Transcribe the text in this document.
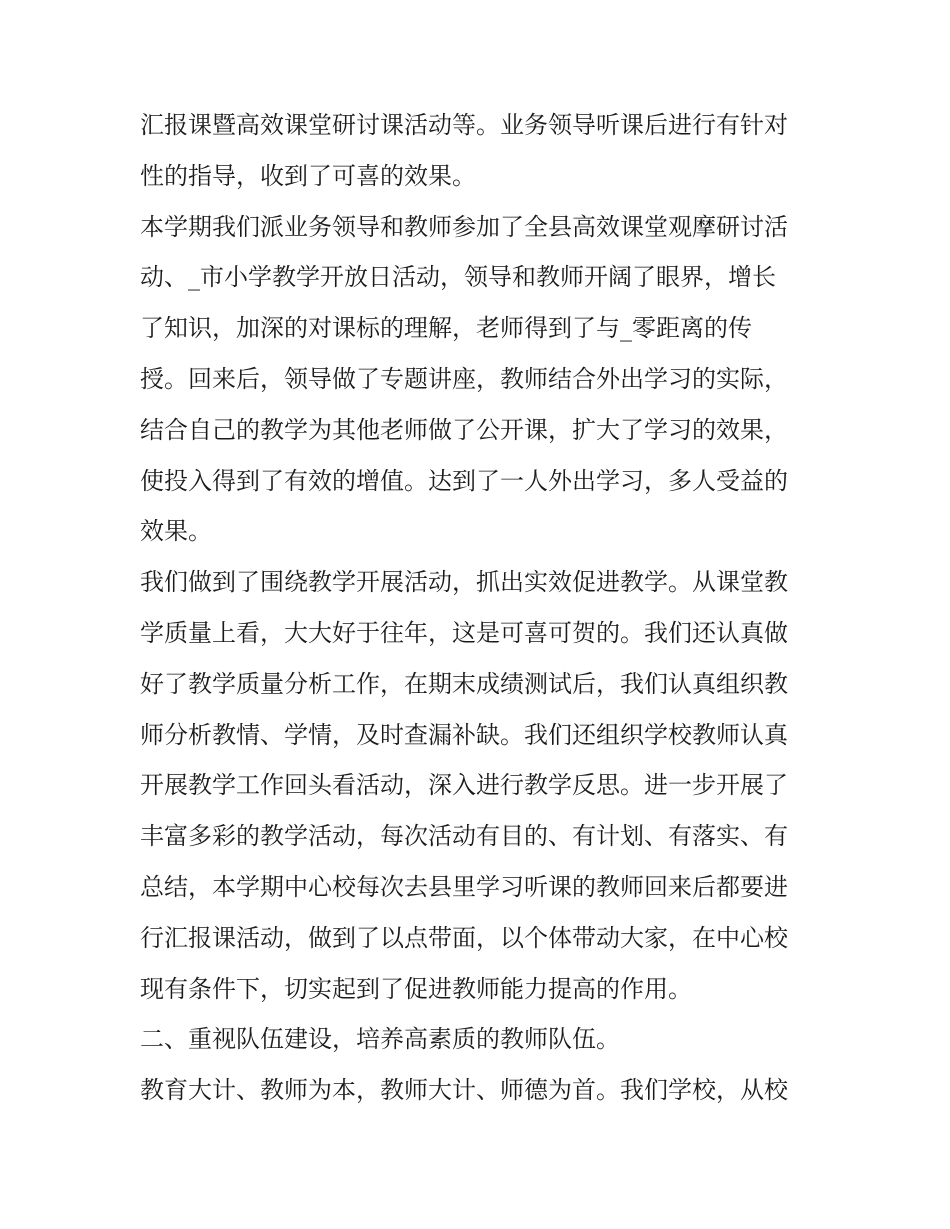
汇报课暨高效课堂研讨课活动等。业务领导听课后进行有针对
性的指导，收到了可喜的效果。
本学期我们派业务领导和教师参加了全县高效课堂观摩研讨活
动、_市小学教学开放日活动，领导和教师开阔了眼界，增长
了知识，加深的对课标的理解，老师得到了与_零距离的传
授。回来后，领导做了专题讲座，教师结合外出学习的实际，
结合自己的教学为其他老师做了公开课，扩大了学习的效果，
使投入得到了有效的增值。达到了一人外出学习，多人受益的
效果。
我们做到了围绕教学开展活动，抓出实效促进教学。从课堂教
学质量上看，大大好于往年，这是可喜可贺的。我们还认真做
好了教学质量分析工作，在期末成绩测试后，我们认真组织教
师分析教情、学情，及时查漏补缺。我们还组织学校教师认真
开展教学工作回头看活动，深入进行教学反思。进一步开展了
丰富多彩的教学活动，每次活动有目的、有计划、有落实、有
总结，本学期中心校每次去县里学习听课的教师回来后都要进
行汇报课活动，做到了以点带面，以个体带动大家，在中心校
现有条件下，切实起到了促进教师能力提高的作用。
二、重视队伍建设，培养高素质的教师队伍。
教育大计、教师为本，教师大计、师德为首。我们学校，从校
